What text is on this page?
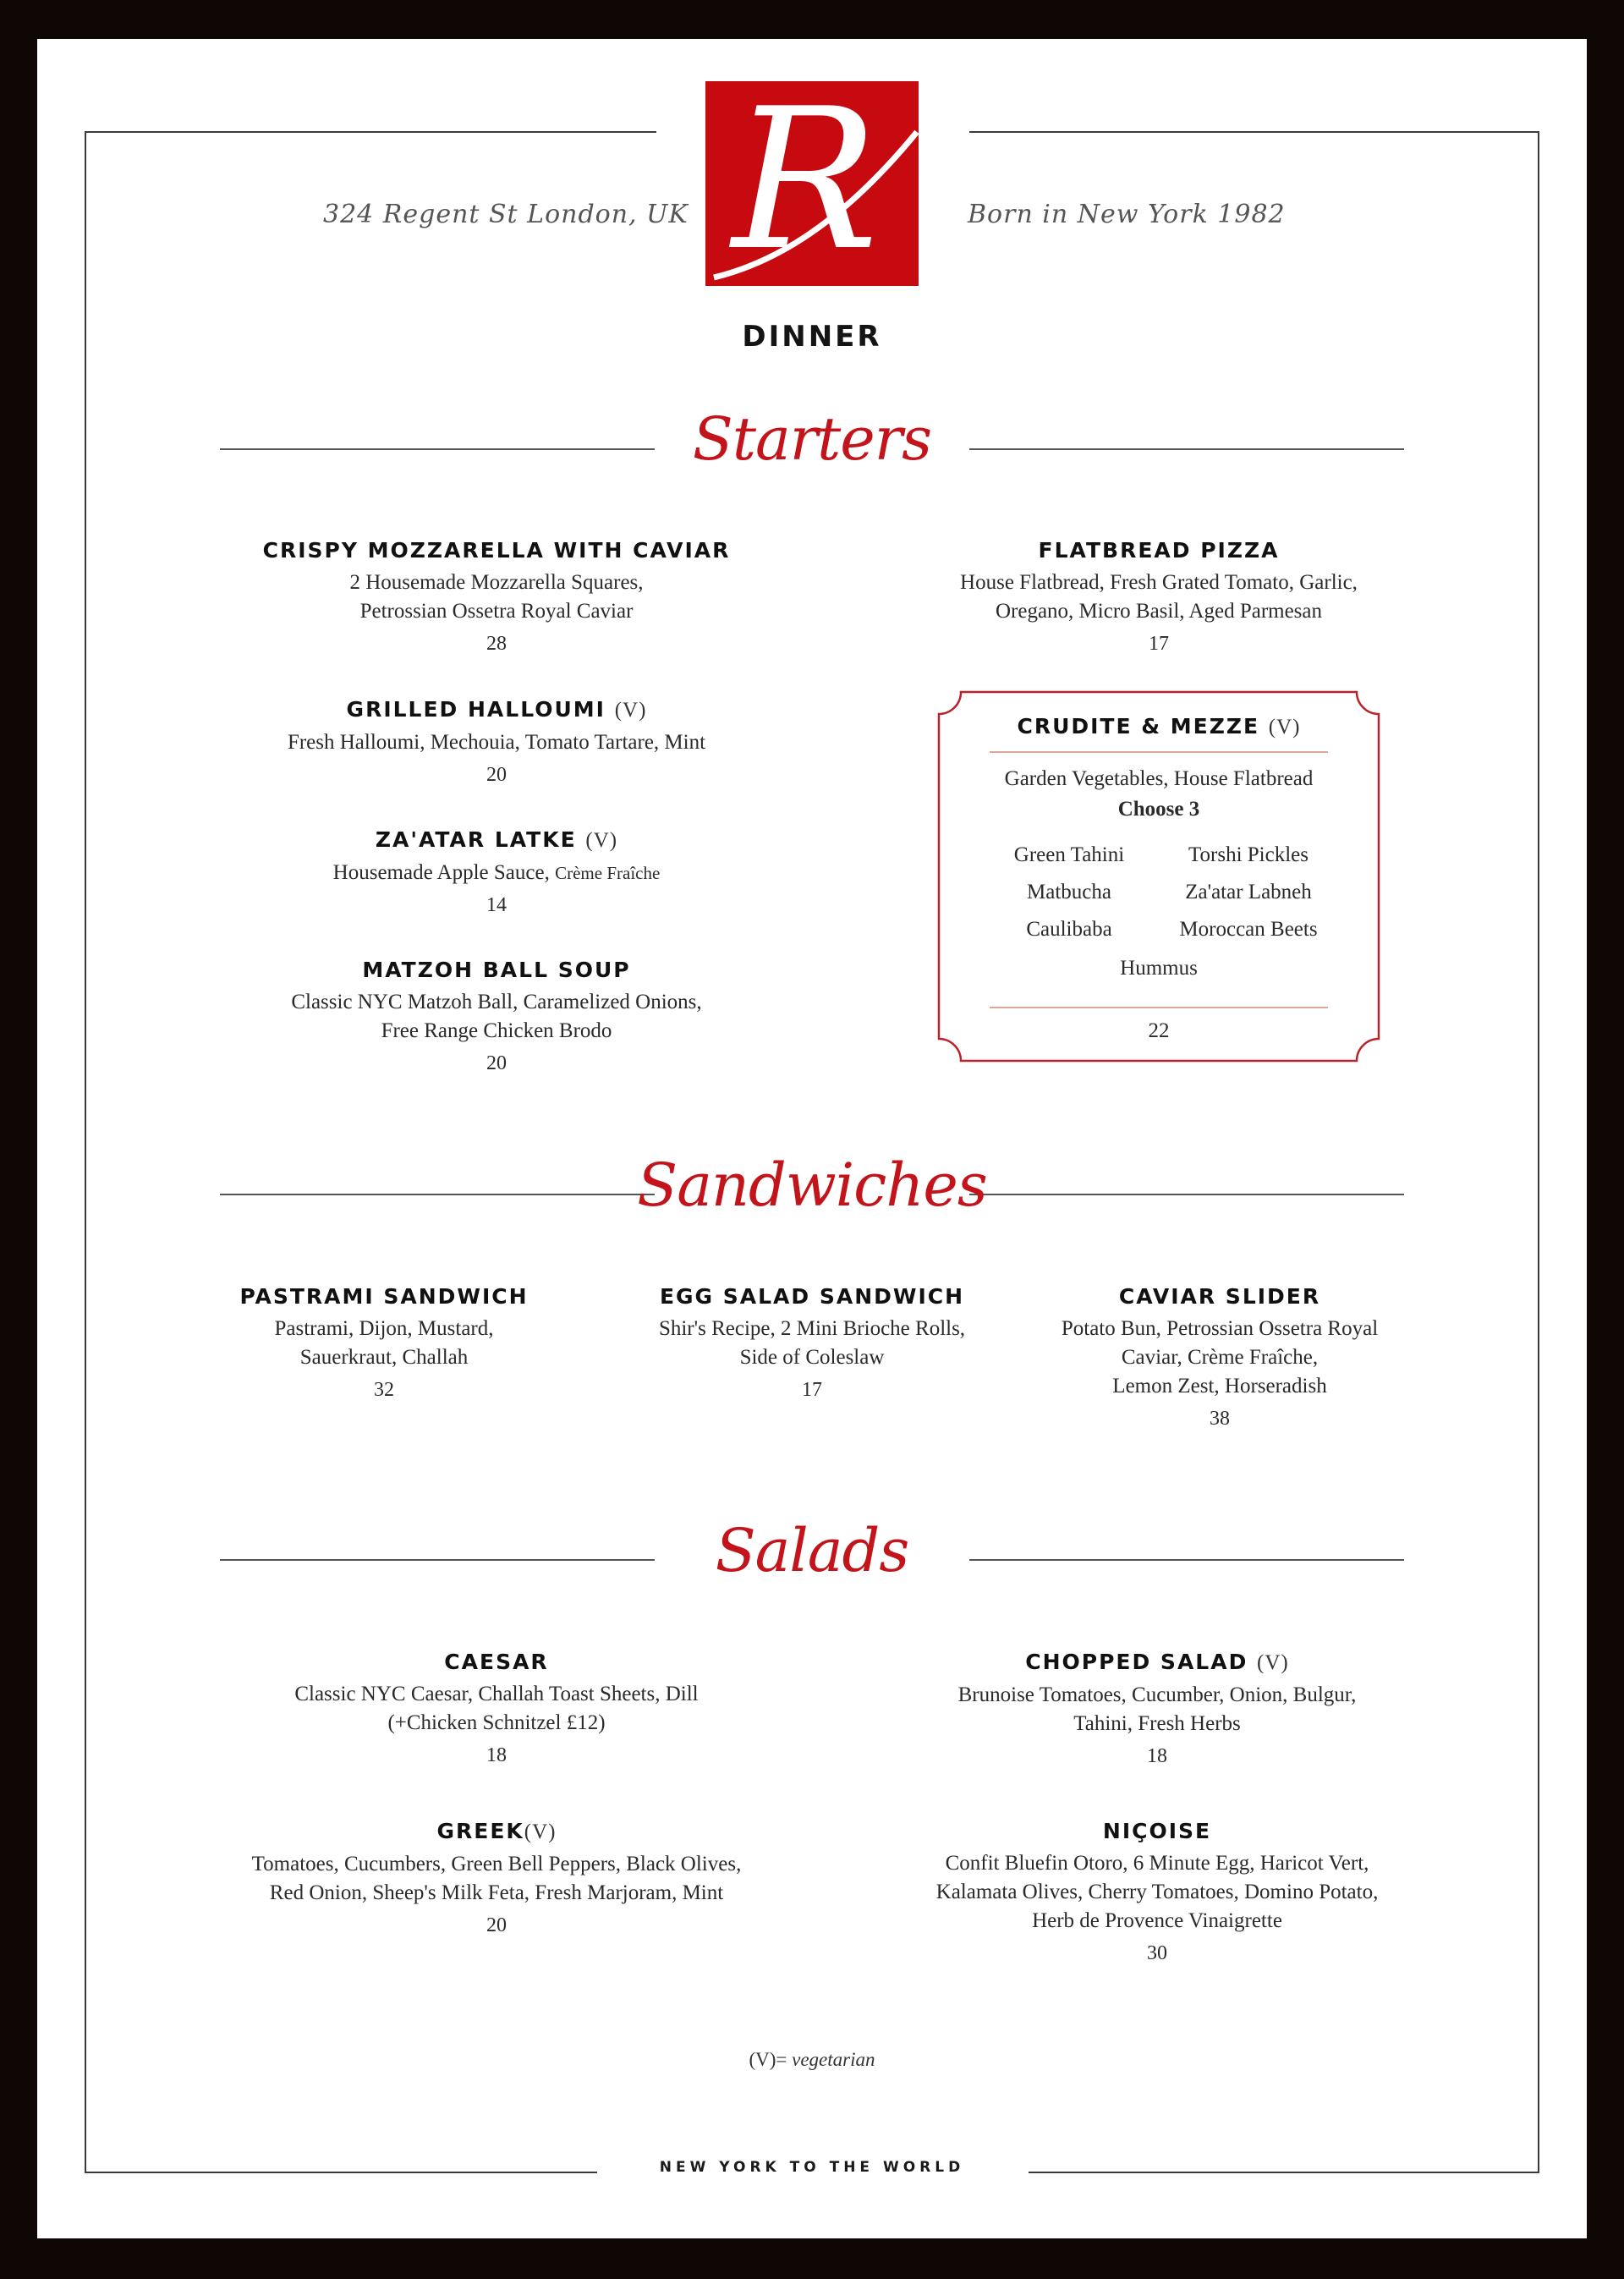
R
324 Regent St London, UK	Born in New York 1982
DINNER
Starters
CRISPY MOZZARELLA WITH CAVIAR
2 Housemade Mozzarella Squares,
Petrossian Ossetra Royal Caviar
28
GRILLED HALLOUMI (V)
Fresh Halloumi, Mechouia, Tomato Tartare, Mint
20
ZA'ATAR LATKE (V)
Housemade Apple Sauce, Crème Fraîche
14
MATZOH BALL SOUP
Classic NYC Matzoh Ball, Caramelized Onions,
Free Range Chicken Brodo
20
FLATBREAD PIZZA
House Flatbread, Fresh Grated Tomato, Garlic,
Oregano, Micro Basil, Aged Parmesan
17
CRUDITE & MEZZE (V)
Garden Vegetables, House Flatbread
Choose 3
Green Tahini	Torshi Pickles
Matbucha	Za'atar Labneh
Caulibaba	Moroccan Beets
Hummus
22
Sandwiches
PASTRAMI SANDWICH
Pastrami, Dijon, Mustard,
Sauerkraut, Challah
32
EGG SALAD SANDWICH
Shir's Recipe, 2 Mini Brioche Rolls,
Side of Coleslaw
17
CAVIAR SLIDER
Potato Bun, Petrossian Ossetra Royal
Caviar, Crème Fraîche,
Lemon Zest, Horseradish
38
Salads
CAESAR
Classic NYC Caesar, Challah Toast Sheets, Dill
(+Chicken Schnitzel £12)
18
CHOPPED SALAD (V)
Brunoise Tomatoes, Cucumber, Onion, Bulgur,
Tahini, Fresh Herbs
18
GREEK(V)
Tomatoes, Cucumbers, Green Bell Peppers, Black Olives,
Red Onion, Sheep's Milk Feta, Fresh Marjoram, Mint
20
NIÇOISE
Confit Bluefin Otoro, 6 Minute Egg, Haricot Vert,
Kalamata Olives, Cherry Tomatoes, Domino Potato,
Herb de Provence Vinaigrette
30
(V)= vegetarian
NEW YORK TO THE WORLD
